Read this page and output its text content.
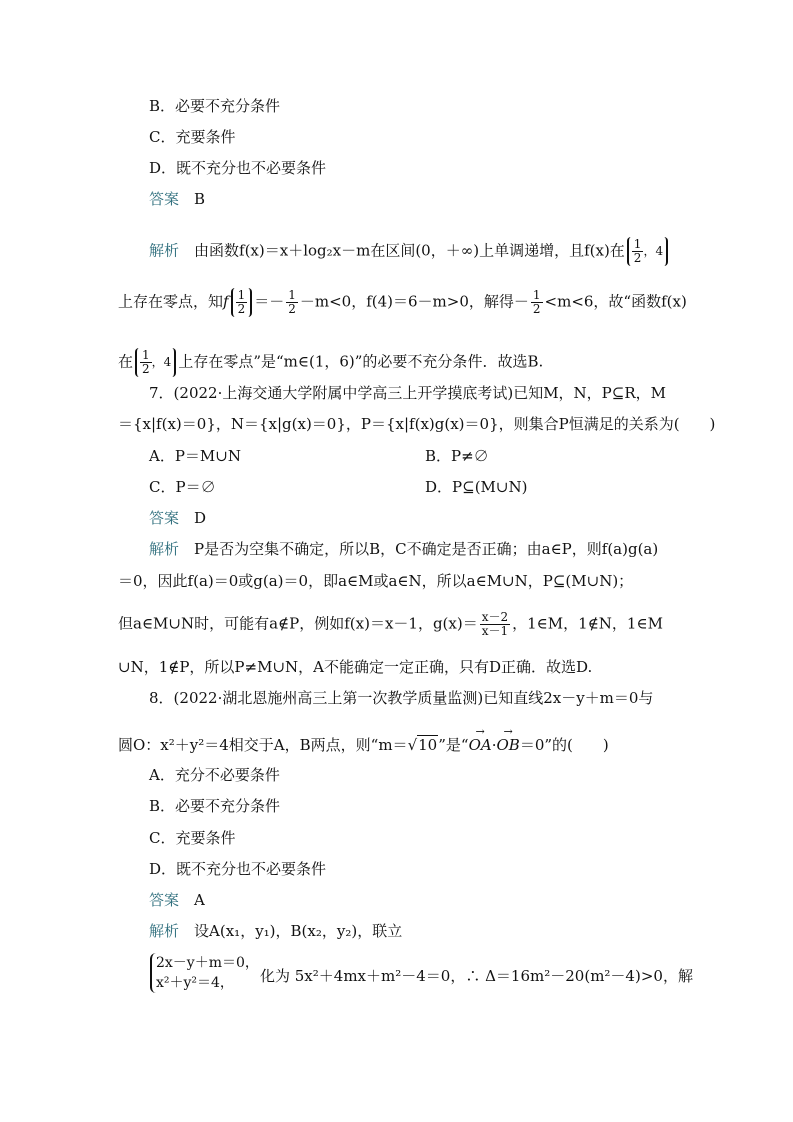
B．必要不充分条件
C．充要条件
D．既不充分也不必要条件
答案　 B
解析　 由函数f(x)＝x＋log₂x－m在区间(0，＋∞)上单调递增，且f(x)在 $\frac{1}{2}$ ，4
上存在零点，知f $\frac{1}{2} =- \frac{1}{2} -m<0$，f(4)＝6－m>0，解得－ $\frac{1}{2} <m<6$，故“函数f(x)
在 $\frac{1}{2}$ ，4 上存在零点”是“m∈(1，6)”的必要不充分条件．故选B.
7．(2022·上海交通大学附属中学高三上开学摸底考试)已知M，N，P⊆R，M
＝{x|f(x)＝0}，N＝{x|g(x)＝0}，P＝{x|f(x)g(x)＝0}，则集合P恒满足的关系为(　　)
A．P＝M∪N	B．P≠∅
C．P＝∅	D．P⊆(M∪N)
答案　 D
解析　 P是否为空集不确定，所以B，C不确定是否正确；由a∈P，则f(a)g(a)
＝0，因此f(a)＝0或g(a)＝0，即a∈M或a∈N，所以a∈M∪N，P⊆(M∪N)；
但a∈M∪N时，可能有a∉P，例如f(x)＝x－1，$g(x)= \frac{x-2}{x-1}$ ，1∈M，1∉N，1∈M
∪N，1∉P，所以P≠M∪N，A不能确定一定正确，只有D正确．故选D.
8．(2022·湖北恩施州高三上第一次教学质量监测)已知直线2x－y＋m＝0与
圆O：x²＋y²＝4相交于A，B两点，则“m＝√10”是“→ OA·→ OB＝0”的(　　)
A．充分不必要条件
B．必要不充分条件
C．充要条件
D．既不充分也不必要条件
答案　 A
解析　 设A(x₁，y₁)，B(x₂，y₂)，联立
2x－y＋m＝0，
x²＋y²＝4，	化为 5x²＋4mx＋m²－4＝0，∴ Δ＝16m²－20(m²－4)>0，解
